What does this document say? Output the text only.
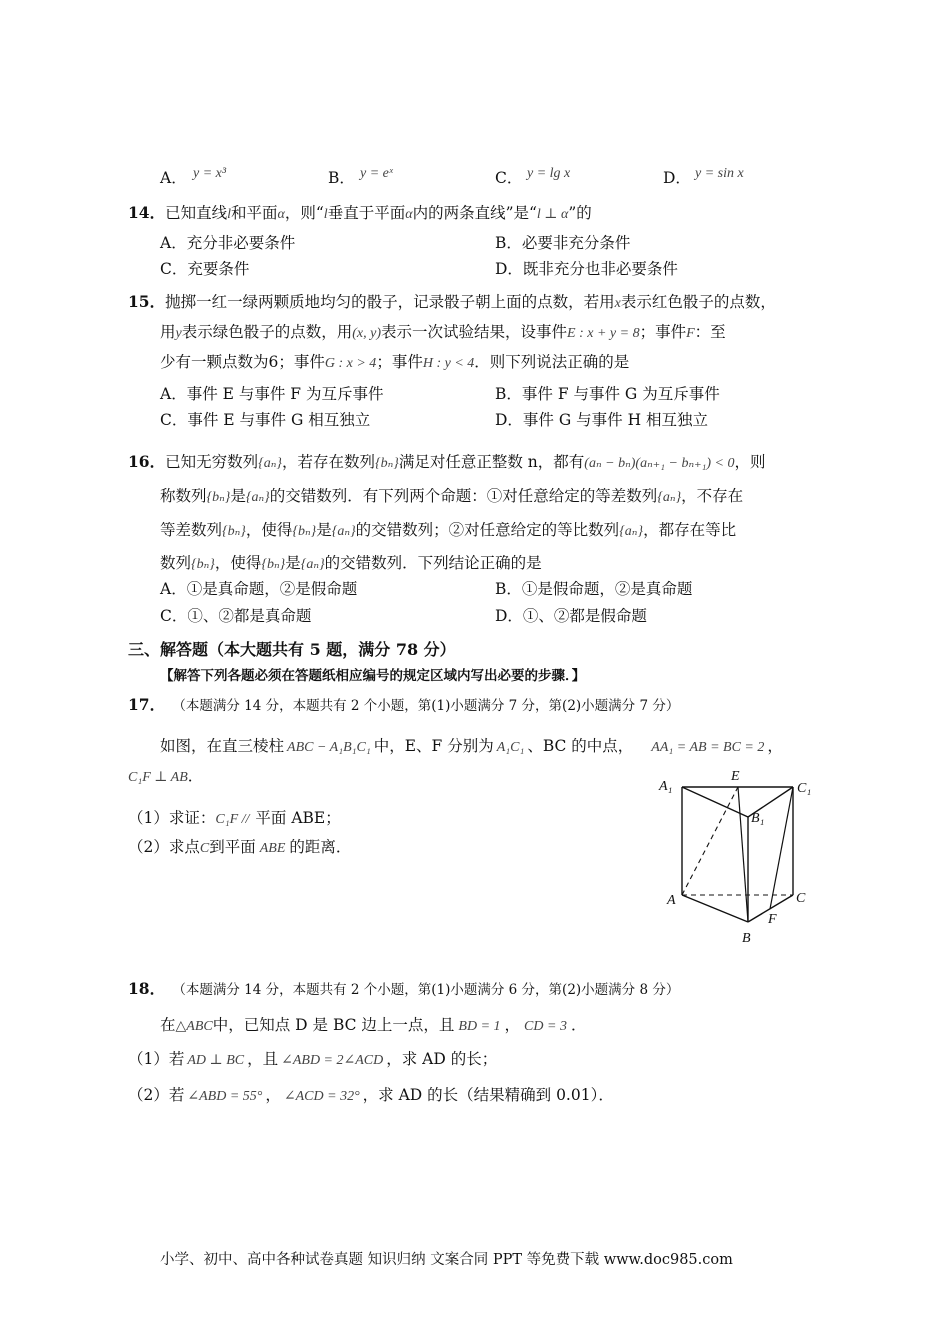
A． y = x³	B． y = eˣ	C． y = lg x	D． y = sin x
14．已知直线l和平面α，则“l垂直于平面α内的两条直线”是“l ⊥ α”的
A．充分非必要条件	B．必要非充分条件
C．充要条件	D．既非充分也非必要条件
15．抛掷一红一绿两颗质地均匀的骰子，记录骰子朝上面的点数，若用x表示红色骰子的点数，
用y表示绿色骰子的点数，用(x, y)表示一次试验结果，设事件E : x + y = 8；事件F：至
少有一颗点数为6；事件G : x > 4；事件H : y < 4．则下列说法正确的是
A．事件 E 与事件 F 为互斥事件	B．事件 F 与事件 G 为互斥事件
C．事件 E 与事件 G 相互独立	D．事件 G 与事件 H 相互独立
16．已知无穷数列{aₙ}，若存在数列{bₙ}满足对任意正整数 n，都有(aₙ − bₙ)(aₙ₊₁ − bₙ₊₁) < 0，则
称数列{bₙ}是{aₙ}的交错数列．有下列两个命题：①对任意给定的等差数列{aₙ}，不存在
等差数列{bₙ}，使得{bₙ}是{aₙ}的交错数列；②对任意给定的等比数列{aₙ}，都存在等比
数列{bₙ}，使得{bₙ}是{aₙ}的交错数列．下列结论正确的是
A．①是真命题，②是假命题	B．①是假命题，②是真命题
C．①、②都是真命题	D．①、②都是假命题
三、解答题（本大题共有 5 题，满分 78 分）
【解答下列各题必须在答题纸相应编号的规定区域内写出必要的步骤．】
17． （本题满分 14 分，本题共有 2 个小题，第(1)小题满分 7 分，第(2)小题满分 7 分）
如图，在直三棱柱 ABC − A₁B₁C₁ 中，E、F 分别为 A₁C₁ 、BC 的中点， AA₁ = AB = BC = 2 ，
C₁F ⊥ AB．
（1）求证：C₁F // 平面 ABE；
（2）求点C到平面 ABE 的距离．
A₁
E
C₁
B₁
A	C
F
B
18． （本题满分 14 分，本题共有 2 个小题，第(1)小题满分 6 分，第(2)小题满分 8 分）
在△ABC中，已知点 D 是 BC 边上一点，且 BD = 1 ， CD = 3 ．
（1）若 AD ⊥ BC ，且 ∠ABD = 2∠ACD ，求 AD 的长；
（2）若 ∠ABD = 55° ， ∠ACD = 32° ，求 AD 的长（结果精确到 0.01）．
小学、初中、高中各种试卷真题 知识归纳 文案合同 PPT 等免费下载 www.doc985.com
